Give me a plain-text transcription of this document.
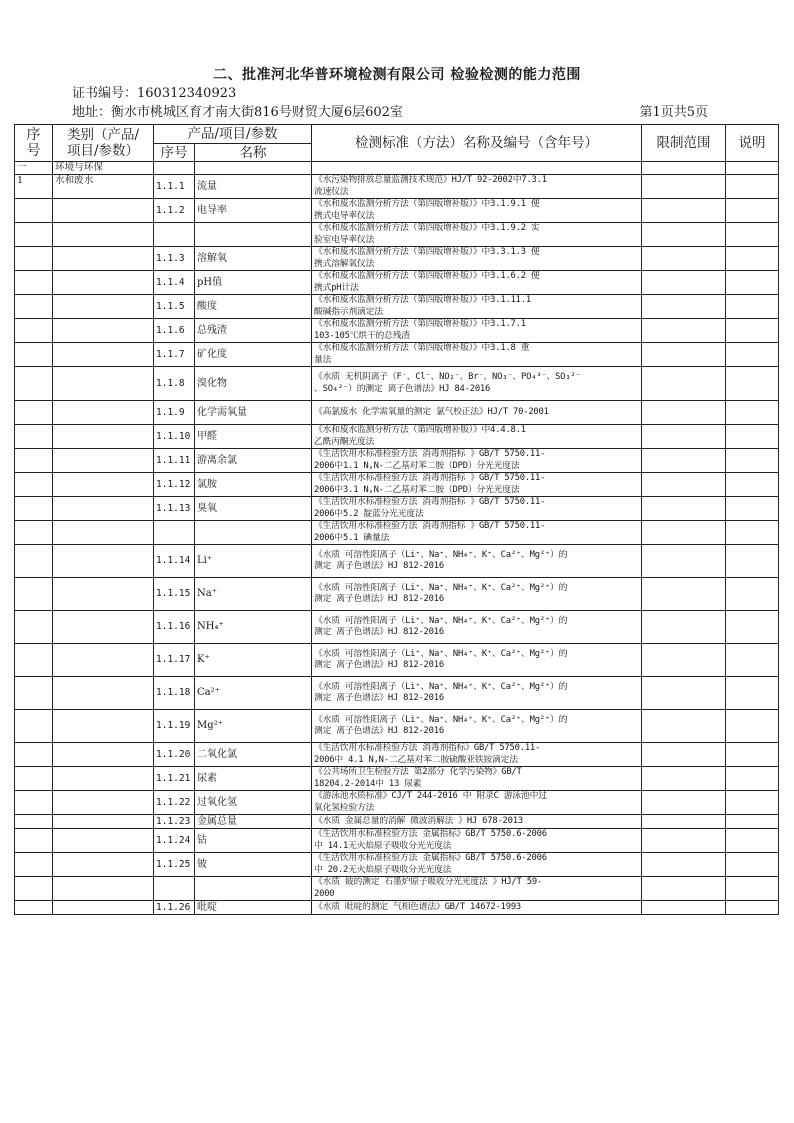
二、批准河北华普环境检测有限公司 检验检测的能力范围
证书编号：160312340923
地址：衡水市桃城区育才南大街816号财贸大厦6层602室	第1页共5页
序
号	类别（产品/
项目/参数）	产品/项目/参数		检测标准（方法）名称及编号（含年号）	限制范围	说明
		序号	名称			
一	环境与环保					
1	水和废水	1.1.1	流量	《水污染物排放总量监测技术规范》HJ/T 92-2002中7.3.1
流速仪法		
		1.1.2	电导率	《水和废水监测分析方法（第四版增补版）》中3.1.9.1 便
携式电导率仪法		
				《水和废水监测分析方法（第四版增补版）》中3.1.9.2 实
验室电导率仪法		
		1.1.3	溶解氧	《水和废水监测分析方法（第四版增补版）》中3.3.1.3 便
携式溶解氧仪法		
		1.1.4	pH值	《水和废水监测分析方法（第四版增补版）》中3.1.6.2 便
携式pH计法		
		1.1.5	酸度	《水和废水监测分析方法（第四版增补版）》中3.1.11.1
酸碱指示剂滴定法		
		1.1.6	总残渣	《水和废水监测分析方法（第四版增补版）》中3.1.7.1
103-105℃烘干的总残渣		
		1.1.7	矿化度	《水和废水监测分析方法（第四版增补版）》中3.1.8 重
量法		
		1.1.8	溴化物	《水质 无机阴离子（F⁻、Cl⁻、NO₂⁻、Br⁻、NO₃⁻、PO₄³⁻、SO₃²⁻
、SO₄²⁻）的测定 离子色谱法》HJ 84-2016		
		1.1.9	化学需氧量	《高氯废水 化学需氧量的测定 氯气校正法》HJ/T 70-2001		
		1.1.10	甲醛	《水和废水监测分析方法（第四版增补版）》中4.4.8.1
乙酰丙酮光度法		
		1.1.11	游离余氯	《生活饮用水标准检验方法 消毒剂指标 》GB/T 5750.11-
2006中1.1 N,N-二乙基对苯二胺（DPD）分光光度法		
		1.1.12	氯胺	《生活饮用水标准检验方法 消毒剂指标 》GB/T 5750.11-
2006中3.1 N,N-二乙基对苯二胺（DPD）分光光度法		
		1.1.13	臭氧	《生活饮用水标准检验方法 消毒剂指标 》GB/T 5750.11-
2006中5.2 靛蓝分光光度法		
				《生活饮用水标准检验方法 消毒剂指标 》GB/T 5750.11-
2006中5.1 碘量法		
		1.1.14	Li⁺	《水质 可溶性阳离子（Li⁺、Na⁺、NH₄⁺、K⁺、Ca²⁺、Mg²⁺）的
测定 离子色谱法》HJ 812-2016		
		1.1.15	Na⁺	《水质 可溶性阳离子（Li⁺、Na⁺、NH₄⁺、K⁺、Ca²⁺、Mg²⁺）的
测定 离子色谱法》HJ 812-2016		
		1.1.16	NH₄⁺	《水质 可溶性阳离子（Li⁺、Na⁺、NH₄⁺、K⁺、Ca²⁺、Mg²⁺）的
测定 离子色谱法》HJ 812-2016		
		1.1.17	K⁺	《水质 可溶性阳离子（Li⁺、Na⁺、NH₄⁺、K⁺、Ca²⁺、Mg²⁺）的
测定 离子色谱法》HJ 812-2016		
		1.1.18	Ca²⁺	《水质 可溶性阳离子（Li⁺、Na⁺、NH₄⁺、K⁺、Ca²⁺、Mg²⁺）的
测定 离子色谱法》HJ 812-2016		
		1.1.19	Mg²⁺	《水质 可溶性阳离子（Li⁺、Na⁺、NH₄⁺、K⁺、Ca²⁺、Mg²⁺）的
测定 离子色谱法》HJ 812-2016		
		1.1.20	二氧化氯	《生活饮用水标准检验方法 消毒剂指标》GB/T 5750.11-
2006中 4.1 N,N-二乙基对苯二胺硫酸亚铁铵滴定法		
		1.1.21	尿素	《公共场所卫生检验方法 第2部分 化学污染物》GB/T
18204.2-2014中 13 尿素		
		1.1.22	过氧化氢	《游泳池水质标准》CJ/T 244-2016 中 附录C 游泳池中过
氧化氢检验方法		
		1.1.23	金属总量	《水质 金属总量的消解 微波消解法 》HJ 678-2013		
		1.1.24	钴	《生活饮用水标准检验方法 金属指标》GB/T 5750.6-2006
中 14.1无火焰原子吸收分光光度法		
		1.1.25	铍	《生活饮用水标准检验方法 金属指标》GB/T 5750.6-2006
中 20.2无火焰原子吸收分光光度法		
				《水质 铍的测定 石墨炉原子吸收分光光度法 》HJ/T 59-
2000		
		1.1.26	吡啶	《水质 吡啶的测定 气相色谱法》GB/T 14672-1993		
